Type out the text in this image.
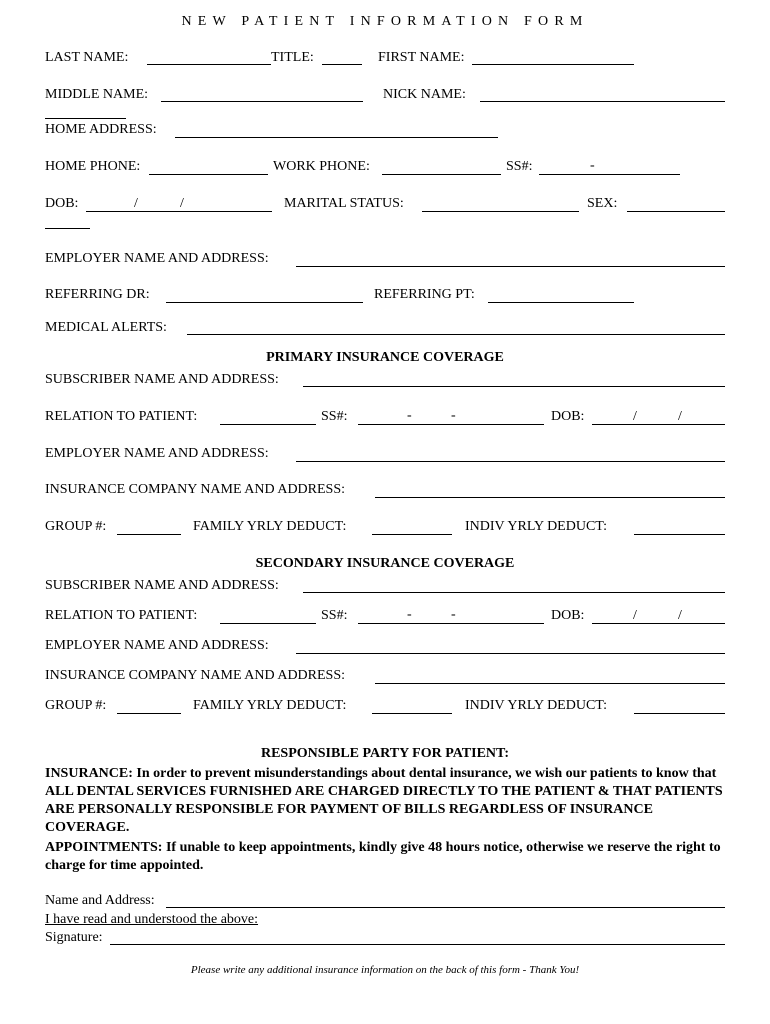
NEW PATIENT INFORMATION FORM
LAST NAME:	TITLE:	FIRST NAME:
MIDDLE NAME:	NICK NAME:
HOME ADDRESS:
HOME PHONE:	WORK PHONE:	SS#:	-
DOB:	/	/	MARITAL STATUS:	SEX:
EMPLOYER NAME AND ADDRESS:
REFERRING DR:	REFERRING PT:
MEDICAL ALERTS:
PRIMARY INSURANCE COVERAGE
SUBSCRIBER NAME AND ADDRESS:
RELATION TO PATIENT:	SS#:	-	-	DOB:	/	/
EMPLOYER NAME AND ADDRESS:
INSURANCE COMPANY NAME AND ADDRESS:
GROUP #:	FAMILY YRLY DEDUCT:	INDIV YRLY DEDUCT:
SECONDARY INSURANCE COVERAGE
SUBSCRIBER NAME AND ADDRESS:
RELATION TO PATIENT:	SS#:	-	-	DOB:	/	/
EMPLOYER NAME AND ADDRESS:
INSURANCE COMPANY NAME AND ADDRESS:
GROUP #:	FAMILY YRLY DEDUCT:	INDIV YRLY DEDUCT:
RESPONSIBLE PARTY FOR PATIENT:
INSURANCE: In order to prevent misunderstandings about dental insurance, we wish our patients to know that ALL DENTAL SERVICES FURNISHED ARE CHARGED DIRECTLY TO THE PATIENT & THAT PATIENTS ARE PERSONALLY RESPONSIBLE FOR PAYMENT OF BILLS REGARDLESS OF INSURANCE COVERAGE.
APPOINTMENTS: If unable to keep appointments, kindly give 48 hours notice, otherwise we reserve the right to charge for time appointed.
Name and Address:
I have read and understood the above:
Signature:
Please write any additional insurance information on the back of this form - Thank You!
